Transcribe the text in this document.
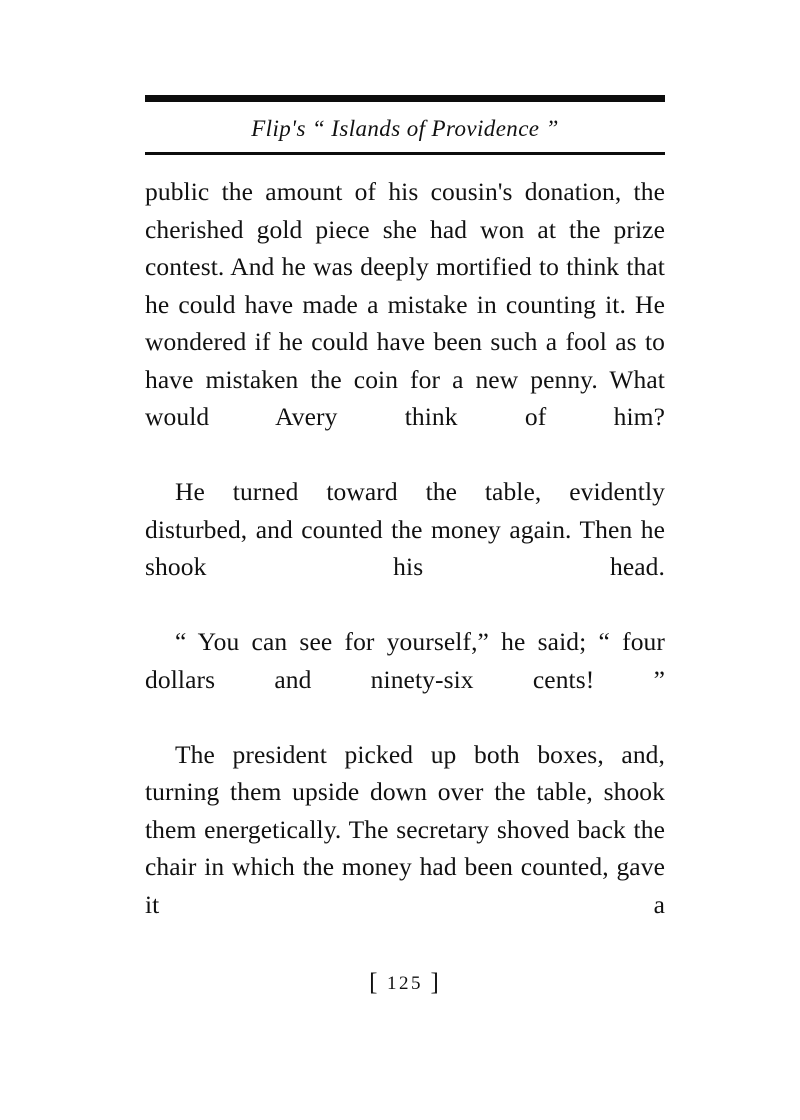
Flip's “ Islands of Providence ”

public the amount of his cousin's donation, the cherished gold piece she had won at the prize contest. And he was deeply mortified to think that he could have made a mistake in counting it. He wondered if he could have been such a fool as to have mistaken the coin for a new penny. What would Avery think of him?

He turned toward the table, evidently disturbed, and counted the money again. Then he shook his head.

“ You can see for yourself,” he said; “ four dollars and ninety-six cents! ”

The president picked up both boxes, and, turning them upside down over the table, shook them energetically. The secretary shoved back the chair in which the money had been counted, gave it a

[ 125 ]
